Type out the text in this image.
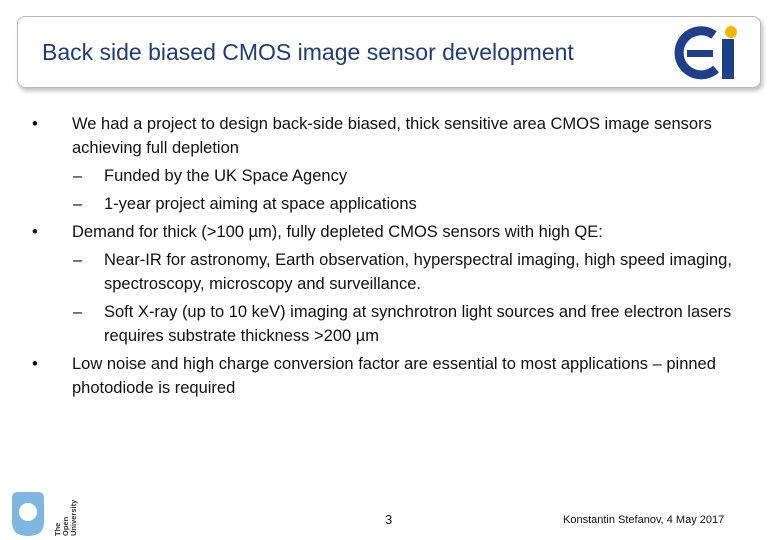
Back side biased CMOS image sensor development
ei
•	We had a project to design back-side biased, thick sensitive area CMOS image sensors achieving full depletion
– Funded by the UK Space Agency
– 1-year project aiming at space applications
•	Demand for thick (>100 µm), fully depleted CMOS sensors with high QE:
– Near-IR for astronomy, Earth observation, hyperspectral imaging, high speed imaging, spectroscopy, microscopy and surveillance.
– Soft X-ray (up to 10 keV) imaging at synchrotron light sources and free electron lasers requires substrate thickness >200 µm
•	Low noise and high charge conversion factor are essential to most applications – pinned photodiode is required
The Open University
The Open University
3	Konstantin Stefanov, 4 May 2017
